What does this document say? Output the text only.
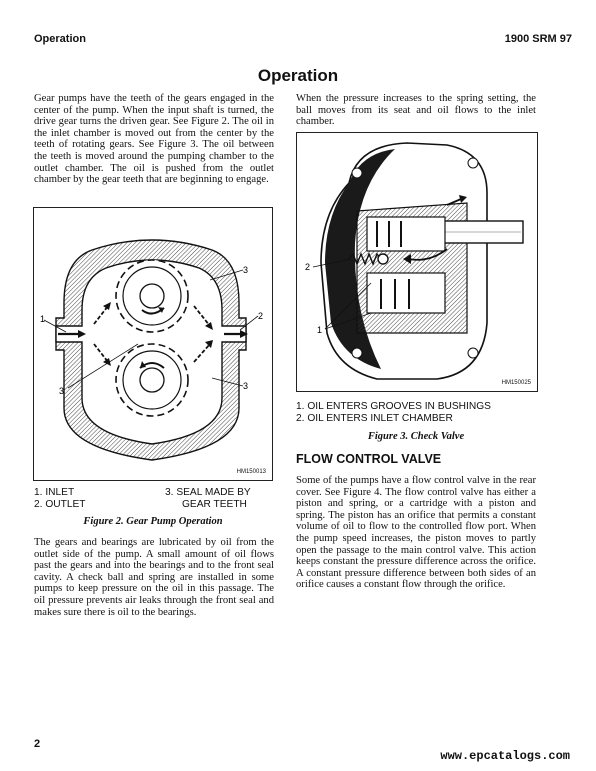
Operation	1900 SRM 97
Operation

Gear pumps have the teeth of the gears engaged in the center of the pump. When the input shaft is turned, the drive gear turns the driven gear. See Figure 2. The oil in the inlet chamber is moved out from the center by the teeth of rotating gears. See Figure 3. The oil between the teeth is moved around the pumping chamber to the outlet chamber. The oil is pushed from the outlet chamber by the gear teeth that are beginning to engage.

1	2
3
3
3
HM150013
1. INLET
2. OUTLET
3. SEAL MADE BY
GEAR TEETH
Figure 2. Gear Pump Operation

The gears and bearings are lubricated by oil from the outlet side of the pump. A small amount of oil flows past the gears and into the bearings and to the front seal cavity. A check ball and spring are installed in some pumps to keep pressure on the oil in this passage. The oil pressure prevents air leaks through the front seal and makes sure there is oil to the bearings.

When the pressure increases to the spring setting, the ball moves from its seat and oil flows to the inlet chamber.

2
1
HM150025
1. OIL ENTERS GROOVES IN BUSHINGS
2. OIL ENTERS INLET CHAMBER
Figure 3. Check Valve
FLOW CONTROL VALVE

Some of the pumps have a flow control valve in the rear cover. See Figure 4. The flow control valve has either a piston and spring, or a cartridge with a piston and spring. The piston has an orifice that permits a constant volume of oil to flow to the controlled flow port. When the pump speed increases, the piston moves to partly open the passage to the main control valve. This action keeps constant the pressure difference across the orifice. A constant pressure difference between both sides of an orifice causes a constant flow through the orifice.

2
www.epcatalogs.com
